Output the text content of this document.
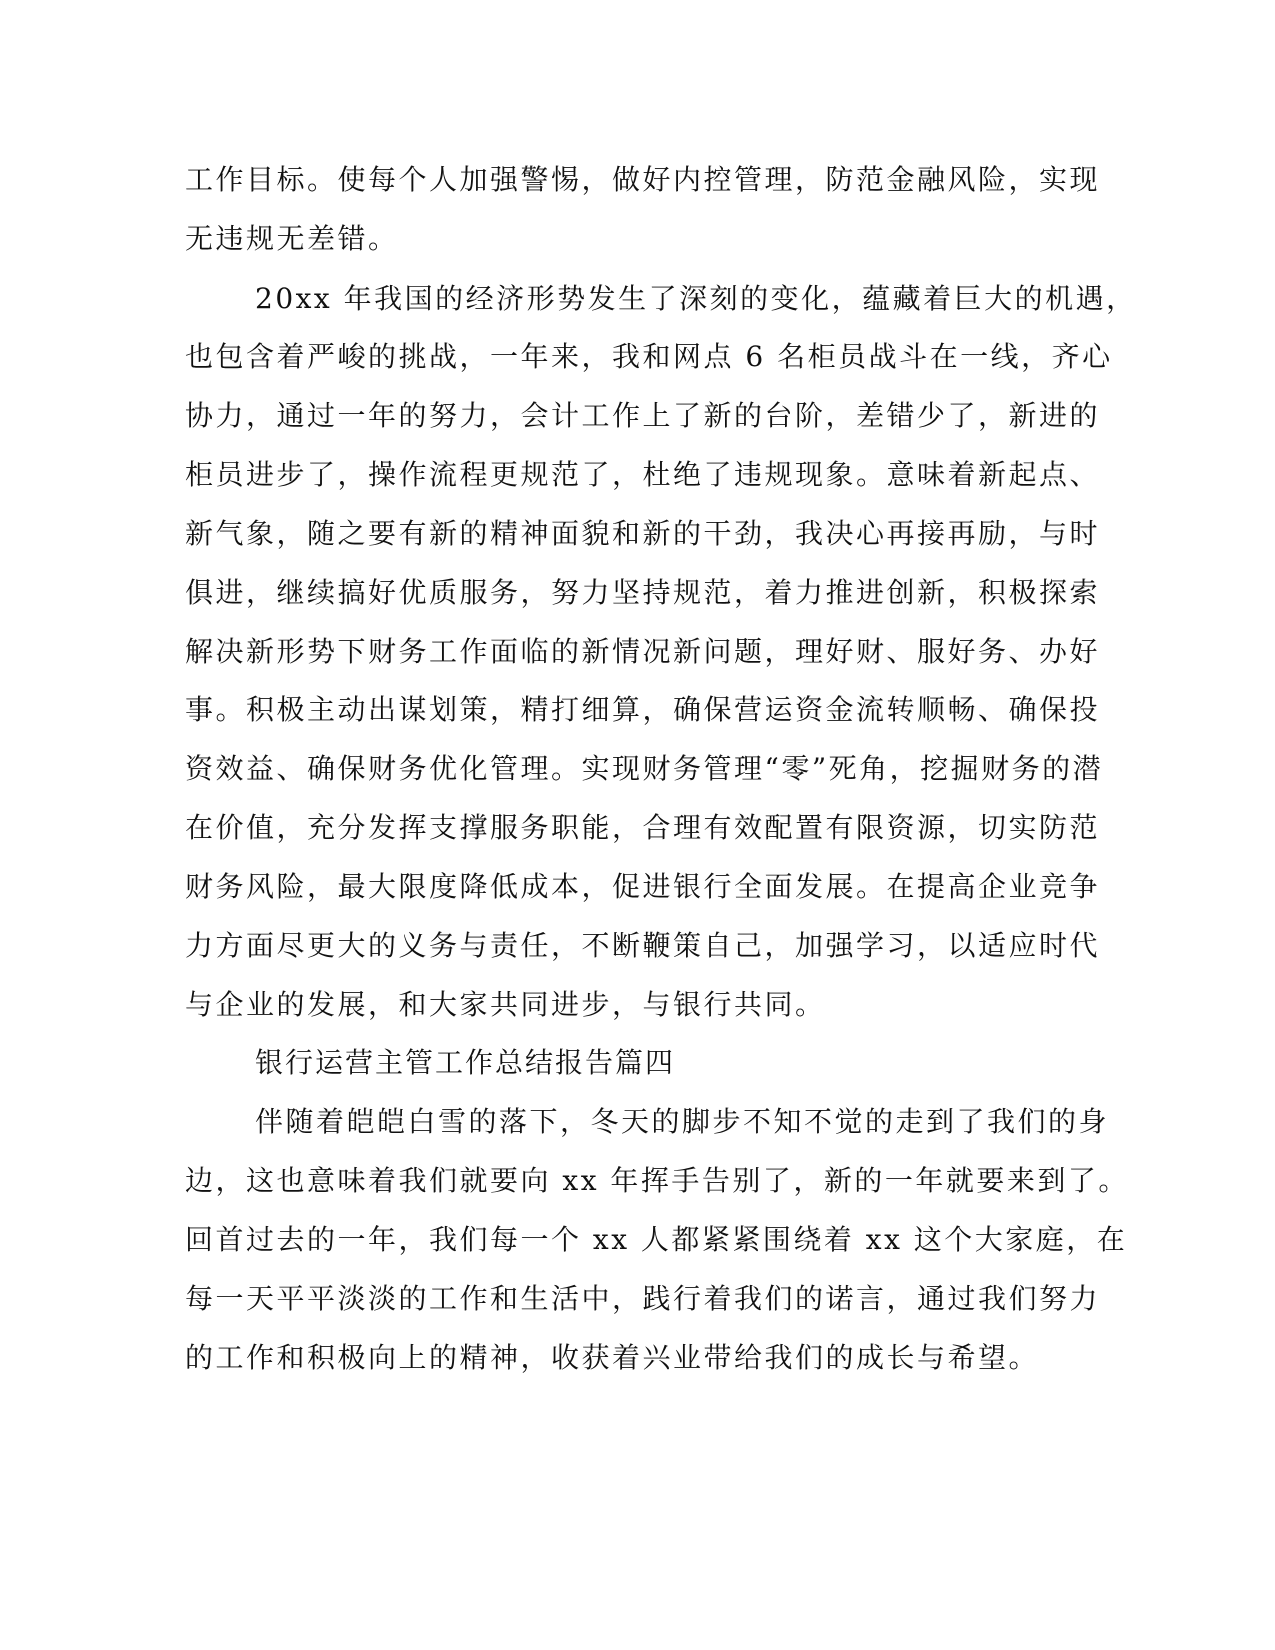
工作目标。使每个人加强警惕，做好内控管理，防范金融风险，实现

无违规无差错。

20xx 年我国的经济形势发生了深刻的变化，蕴藏着巨大的机遇，

也包含着严峻的挑战，一年来，我和网点 6 名柜员战斗在一线，齐心

协力，通过一年的努力，会计工作上了新的台阶，差错少了，新进的

柜员进步了，操作流程更规范了，杜绝了违规现象。意味着新起点、

新气象，随之要有新的精神面貌和新的干劲，我决心再接再励，与时

俱进，继续搞好优质服务，努力坚持规范，着力推进创新，积极探索

解决新形势下财务工作面临的新情况新问题，理好财、服好务、办好

事。积极主动出谋划策，精打细算，确保营运资金流转顺畅、确保投

资效益、确保财务优化管理。实现财务管理“零”死角，挖掘财务的潜

在价值，充分发挥支撑服务职能，合理有效配置有限资源，切实防范

财务风险，最大限度降低成本，促进银行全面发展。在提高企业竞争

力方面尽更大的义务与责任，不断鞭策自己，加强学习，以适应时代

与企业的发展，和大家共同进步，与银行共同。

银行运营主管工作总结报告篇四

伴随着皑皑白雪的落下，冬天的脚步不知不觉的走到了我们的身

边，这也意味着我们就要向 xx 年挥手告别了，新的一年就要来到了。

回首过去的一年，我们每一个 xx 人都紧紧围绕着 xx 这个大家庭，在

每一天平平淡淡的工作和生活中，践行着我们的诺言，通过我们努力

的工作和积极向上的精神，收获着兴业带给我们的成长与希望。
